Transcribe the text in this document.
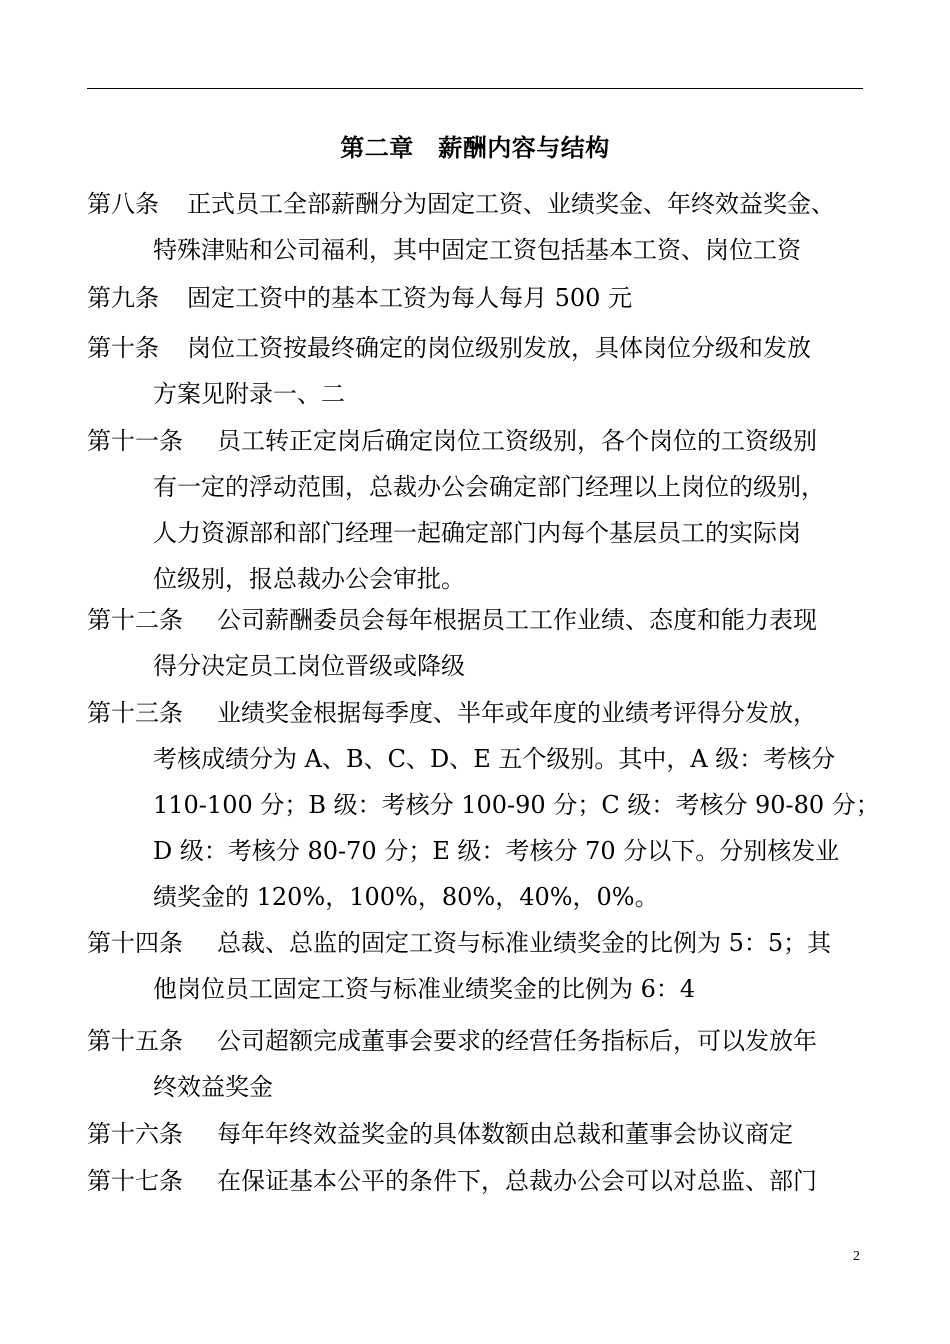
第二章　薪酬内容与结构
第八条 正式员工全部薪酬分为固定工资、业绩奖金、年终效益奖金、
特殊津贴和公司福利，其中固定工资包括基本工资、岗位工资
第九条 固定工资中的基本工资为每人每月 500 元
第十条 岗位工资按最终确定的岗位级别发放，具体岗位分级和发放
方案见附录一、二
第十一条 员工转正定岗后确定岗位工资级别，各个岗位的工资级别
有一定的浮动范围，总裁办公会确定部门经理以上岗位的级别，
人力资源部和部门经理一起确定部门内每个基层员工的实际岗
位级别，报总裁办公会审批。
第十二条 公司薪酬委员会每年根据员工工作业绩、态度和能力表现
得分决定员工岗位晋级或降级
第十三条 业绩奖金根据每季度、半年或年度的业绩考评得分发放，
考核成绩分为 A、B、C、D、E 五个级别。其中，A 级：考核分
110-100 分；B 级：考核分 100-90 分；C 级：考核分 90-80 分；
D 级：考核分 80-70 分；E 级：考核分 70 分以下。分别核发业
绩奖金的 120%，100%，80%，40%，0%。
第十四条 总裁、总监的固定工资与标准业绩奖金的比例为 5：5；其
他岗位员工固定工资与标准业绩奖金的比例为 6：4
第十五条 公司超额完成董事会要求的经营任务指标后，可以发放年
终效益奖金
第十六条 每年年终效益奖金的具体数额由总裁和董事会协议商定
第十七条 在保证基本公平的条件下，总裁办公会可以对总监、部门
2
